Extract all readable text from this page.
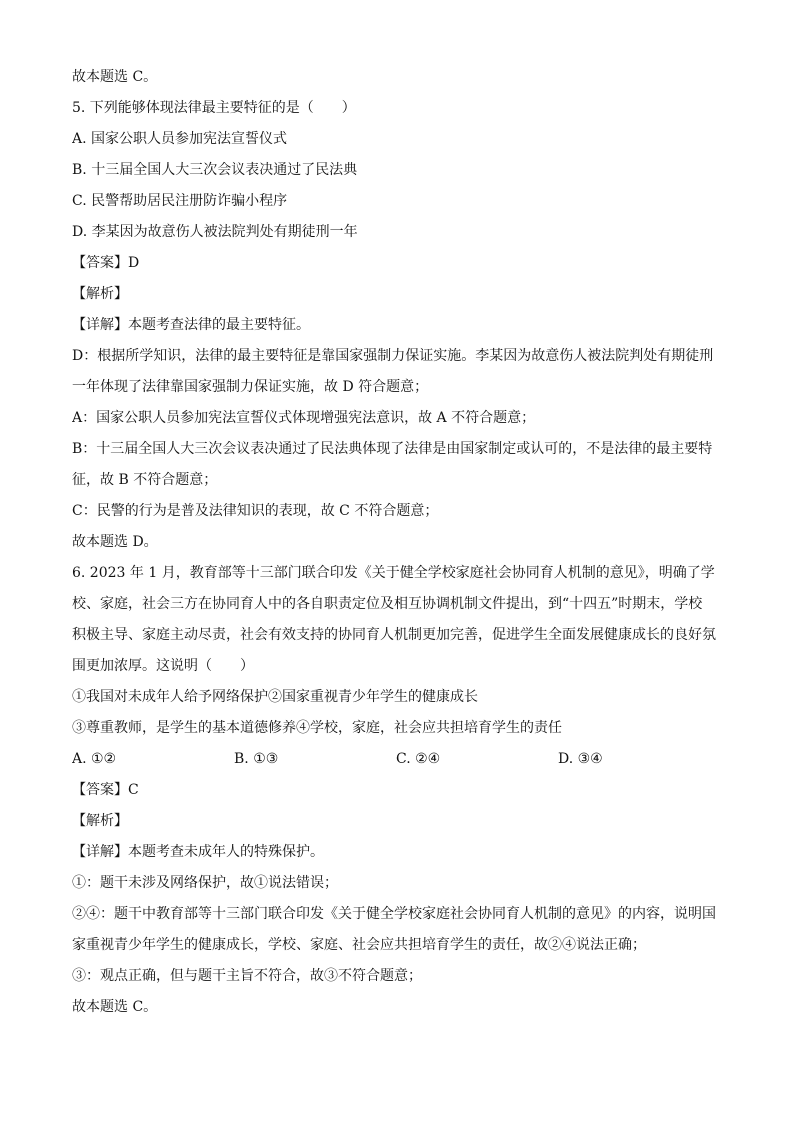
故本题选 C。
5. 下列能够体现法律最主要特征的是（　　）
A. 国家公职人员参加宪法宣誓仪式
B. 十三届全国人大三次会议表决通过了民法典
C. 民警帮助居民注册防诈骗小程序
D. 李某因为故意伤人被法院判处有期徒刑一年
【答案】D
【解析】
【详解】本题考查法律的最主要特征。
D：根据所学知识，法律的最主要特征是靠国家强制力保证实施。李某因为故意伤人被法院判处有期徒刑
一年体现了法律靠国家强制力保证实施，故 D 符合题意；
A：国家公职人员参加宪法宣誓仪式体现增强宪法意识，故 A 不符合题意；
B：十三届全国人大三次会议表决通过了民法典体现了法律是由国家制定或认可的，不是法律的最主要特
征，故 B 不符合题意；
C：民警的行为是普及法律知识的表现，故 C 不符合题意；
故本题选 D。
6. 2023 年 1 月，教育部等十三部门联合印发《关于健全学校家庭社会协同育人机制的意见》，明确了学
校、家庭，社会三方在协同育人中的各自职责定位及相互协调机制文件提出，到“十四五”时期末，学校
积极主导、家庭主动尽责，社会有效支持的协同育人机制更加完善，促进学生全面发展健康成长的良好氛
围更加浓厚。这说明（　　）
①我国对未成年人给予网络保护②国家重视青少年学生的健康成长
③尊重教师，是学生的基本道德修养④学校，家庭，社会应共担培育学生的责任
A. ①②	B. ①③	C. ②④	D. ③④
【答案】C
【解析】
【详解】本题考查未成年人的特殊保护。
①：题干未涉及网络保护，故①说法错误；
②④：题干中教育部等十三部门联合印发《关于健全学校家庭社会协同育人机制的意见》的内容，说明国
家重视青少年学生的健康成长，学校、家庭、社会应共担培育学生的责任，故②④说法正确；
③：观点正确，但与题干主旨不符合，故③不符合题意；
故本题选 C。
